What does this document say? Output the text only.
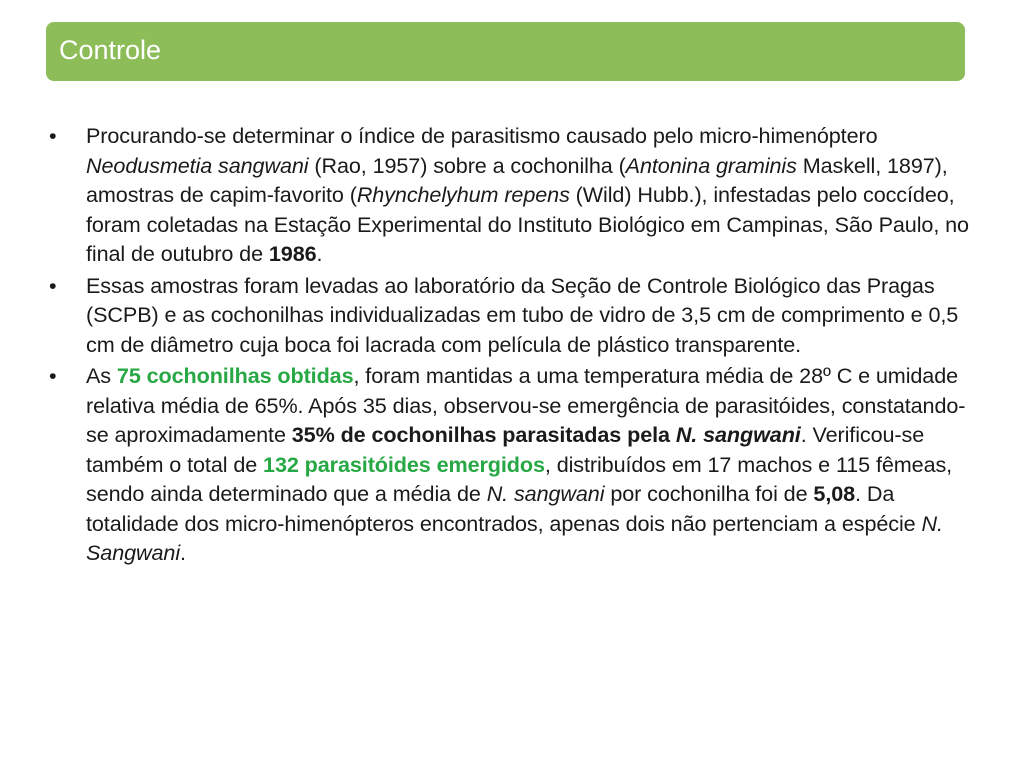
Controle
• Procurando-se determinar o índice de parasitismo causado pelo micro-himenóptero Neodusmetia sangwani (Rao, 1957) sobre a cochonilha (Antonina graminis Maskell, 1897), amostras de capim-favorito (Rhynchelyhum repens (Wild) Hubb.), infestadas pelo coccídeo, foram coletadas na Estação Experimental do Instituto Biológico em Campinas, São Paulo, no final de outubro de 1986.
• Essas amostras foram levadas ao laboratório da Seção de Controle Biológico das Pragas (SCPB) e as cochonilhas individualizadas em tubo de vidro de 3,5 cm de comprimento e 0,5 cm de diâmetro cuja boca foi lacrada com película de plástico transparente.
• As 75 cochonilhas obtidas, foram mantidas a uma temperatura média de 28º C e umidade relativa média de 65%. Após 35 dias, observou-se emergência de parasitóides, constatando-se aproximadamente 35% de cochonilhas parasitadas pela N. sangwani. Verificou-se também o total de 132 parasitóides emergidos, distribuídos em 17 machos e 115 fêmeas, sendo ainda determinado que a média de N. sangwani por cochonilha foi de 5,08. Da totalidade dos micro-himenópteros encontrados, apenas dois não pertenciam a espécie N. Sangwani.
